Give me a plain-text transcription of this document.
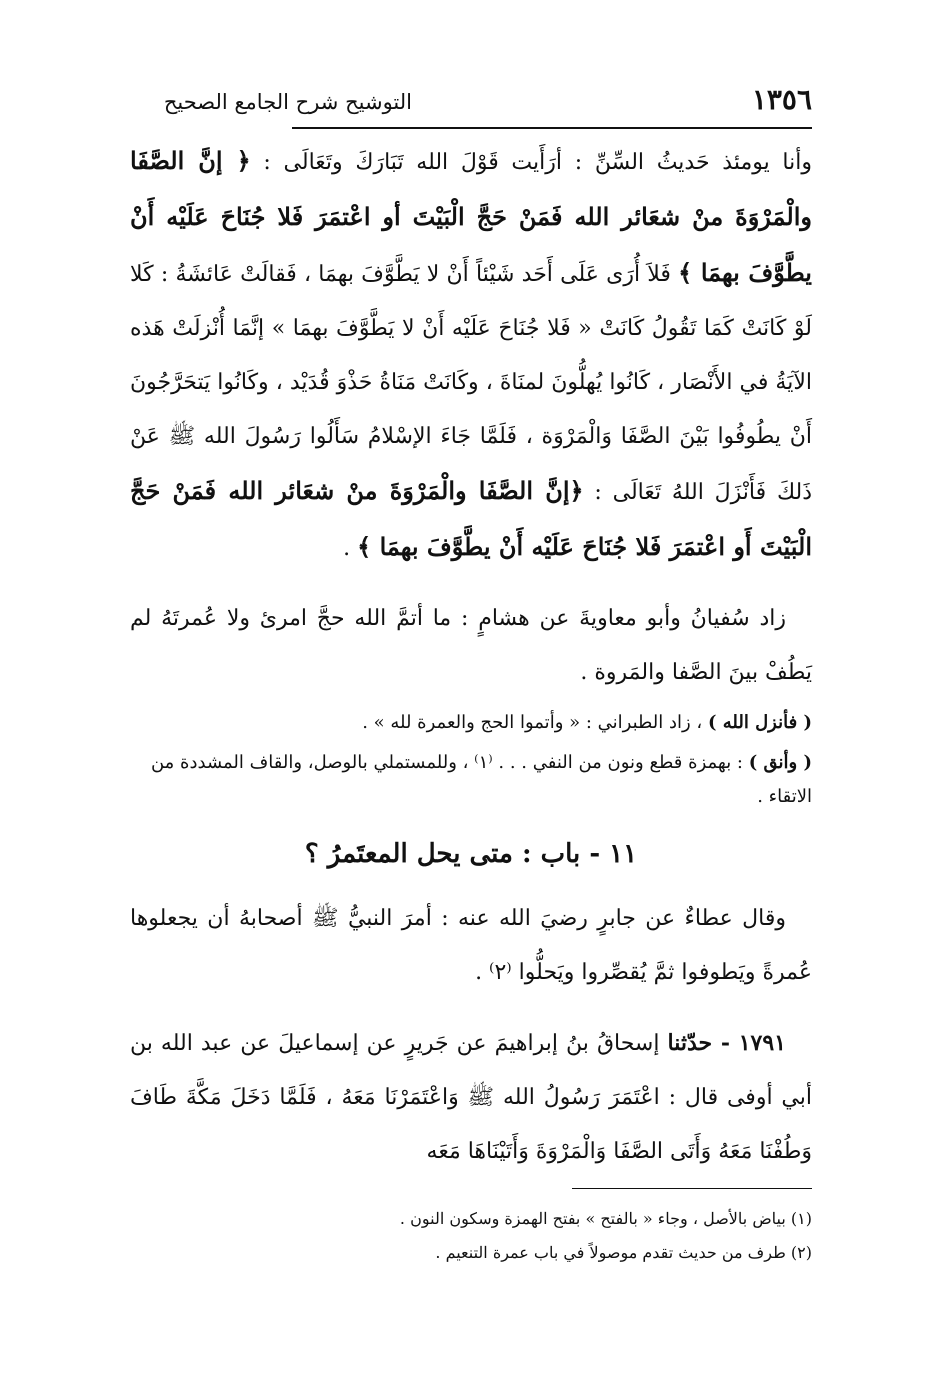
١٣٥٦
التوشيح شرح الجامع الصحيح

وأنا يومئذ حَديثُ السِّنِّ : أرَأَيت قَوْلَ الله تَبَارَكَ وتَعَالَى : ﴿ إنَّ الصَّفَا والْمَرْوَةَ منْ شعَائر الله فَمَنْ حَجَّ الْبَيْتَ أو اعْتمَرَ فَلا جُنَاحَ عَلَيْه أَنْ يطَّوَّفَ بهمَا ﴾ فَلاَ أُرَى عَلَى أَحَد شَيْئاً أَنْ لا يَطَّوَّفَ بهمَا ، فَقالَتْ عَائشَةُ : كَلا لَوْ كَانَتْ كَمَا تَقُولُ كَانَتْ « فَلا جُنَاحَ عَلَيْه أَنْ لا يَطَّوَّفَ بهمَا » إنَّمَا أُنْزلَتْ هَذه الآيَةُ في الأَنْصَار ، كَانُوا يُهلُّونَ لمنَاةَ ، وكَانَتْ مَنَاةُ حَذْوَ قُدَيْد ، وكَانُوا يَتحَرَّجُونَ أَنْ يطُوفُوا بَيْنَ الصَّفَا وَالْمَرْوَة ، فَلَمَّا جَاءَ الإسْلامُ سَأَلُوا رَسُولَ الله ﷺ عَنْ ذَلكَ فَأَنْزَلَ اللهُ تَعَالَى : ﴿إنَّ الصَّفَا والْمَرْوَةَ منْ شعَائر الله فَمَنْ حَجَّ الْبَيْتَ أَو اعْتمَرَ فَلا جُنَاحَ عَلَيْه أَنْ يطَّوَّفَ بهمَا ﴾ .

زاد سُفيانُ وأبو معاويةَ عن هشامٍ : ما أتمَّ الله حجَّ امرئ ولا عُمرتَهُ لم يَطُفْ بينَ الصَّفا والمَروة .

( فأنزل الله ) ، زاد الطبراني : « وأتموا الحج والعمرة لله » .

( وأنق ) : بهمزة قطع ونون من النفي . . . ⁽١⁾ ، وللمستملي بالوصل، والقاف المشددة من الاتقاء .

١١ - باب : متى يحل المعتَمرُ ؟

وقال عطاءٌ عن جابرٍ رضيَ الله عنه : أمرَ النبيُّ ﷺ أصحابهُ أن يجعلوها عُمرةً ويَطوفوا ثمَّ يُقصِّروا ويَحلُّوا ⁽٢⁾ .

١٧٩١ - حدّثنا إسحاقُ بنُ إبراهيمَ عن جَريرٍ عن إسماعيلَ عن عبد الله بن أبي أوفى قال : اعْتَمَرَ رَسُولُ الله ﷺ وَاعْتَمَرْنَا مَعَهُ ، فَلَمَّا دَخَلَ مَكَّةَ طَافَ وَطُفْنَا مَعَهُ وَأَتَى الصَّفَا وَالْمَرْوَةَ وَأَتَيْنَاهَا مَعَه

(١) بياض بالأصل ، وجاء « بالفتح » بفتح الهمزة وسكون النون .

(٢) طرف من حديث تقدم موصولاً في باب عمرة التنعيم .
